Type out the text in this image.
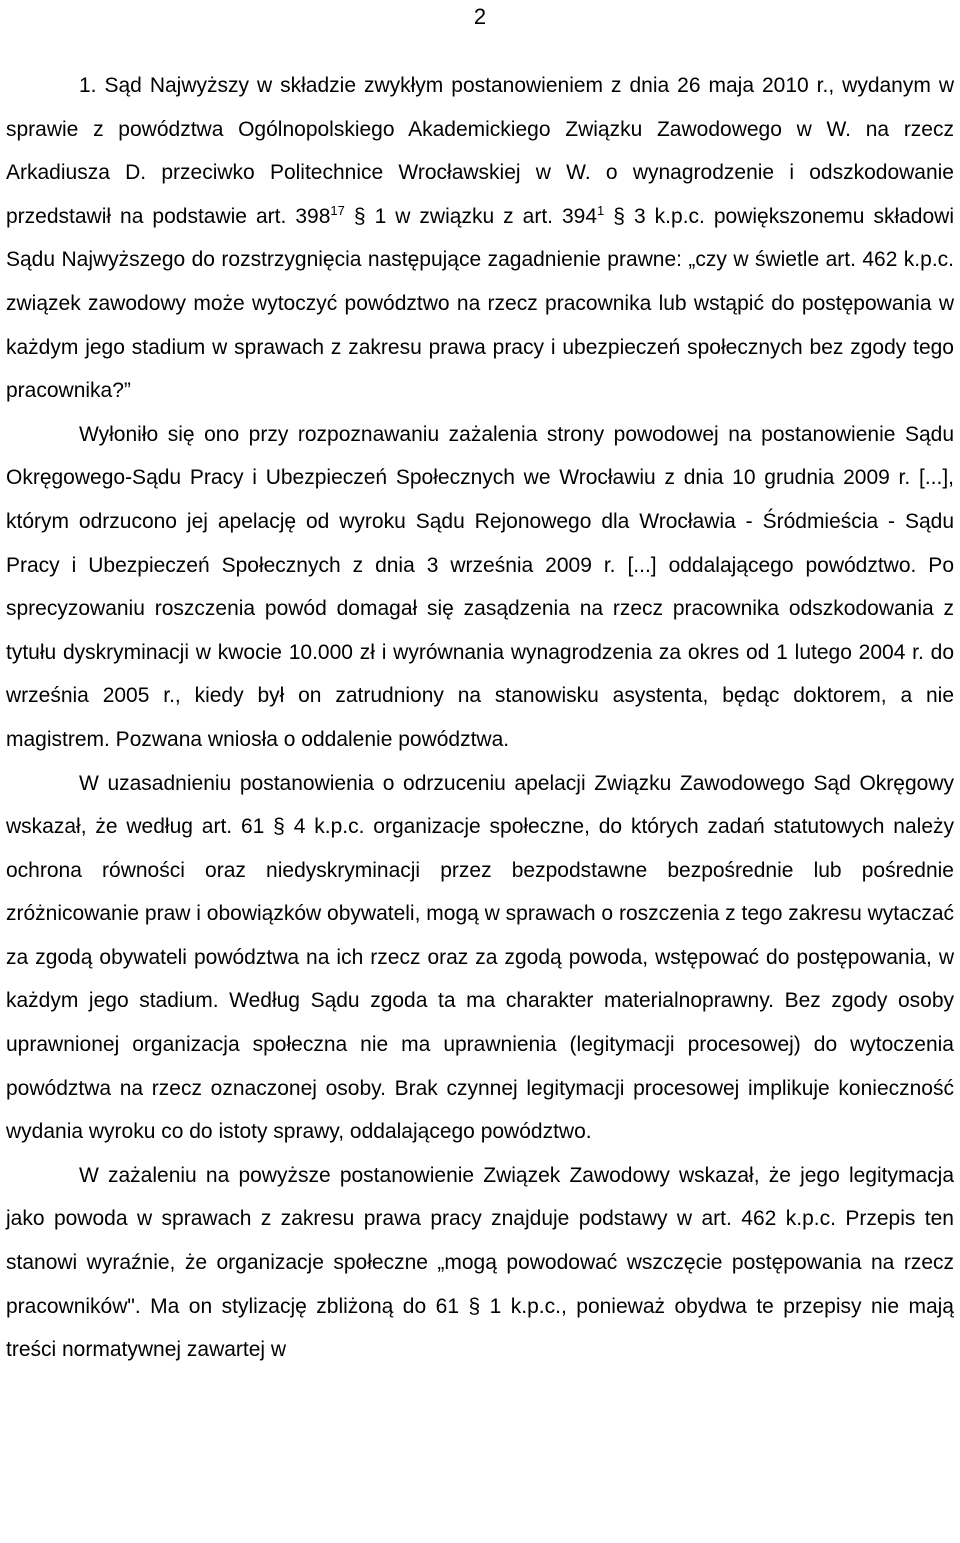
2

1. Sąd Najwyższy w składzie zwykłym postanowieniem z dnia 26 maja 2010 r., wydanym w sprawie z powództwa Ogólnopolskiego Akademickiego Związku Zawodowego w W. na rzecz Arkadiusza D. przeciwko Politechnice Wrocławskiej w W. o wynagrodzenie i odszkodowanie przedstawił na podstawie art. $398^{17}$ § 1 w związku z art. $394^1$ § 3 k.p.c. powiększonemu składowi Sądu Najwyższego do rozstrzygnięcia następujące zagadnienie prawne: „czy w świetle art. 462 k.p.c. związek zawodowy może wytoczyć powództwo na rzecz pracownika lub wstąpić do postępowania w każdym jego stadium w sprawach z zakresu prawa pracy i ubezpieczeń społecznych bez zgody tego pracownika?”

Wyłoniło się ono przy rozpoznawaniu zażalenia strony powodowej na postanowienie Sądu Okręgowego-Sądu Pracy i Ubezpieczeń Społecznych we Wrocławiu z dnia 10 grudnia 2009 r. [...], którym odrzucono jej apelację od wyroku Sądu Rejonowego dla Wrocławia - Śródmieścia - Sądu Pracy i Ubezpieczeń Społecznych z dnia 3 września 2009 r. [...] oddalającego powództwo. Po sprecyzowaniu roszczenia powód domagał się zasądzenia na rzecz pracownika odszkodowania z tytułu dyskryminacji w kwocie 10.000 zł i wyrównania wynagrodzenia za okres od 1 lutego 2004 r. do września 2005 r., kiedy był on zatrudniony na stanowisku asystenta, będąc doktorem, a nie magistrem. Pozwana wniosła o oddalenie powództwa.

W uzasadnieniu postanowienia o odrzuceniu apelacji Związku Zawodowego Sąd Okręgowy wskazał, że według art. 61 § 4 k.p.c. organizacje społeczne, do których zadań statutowych należy ochrona równości oraz niedyskryminacji przez bezpodstawne bezpośrednie lub pośrednie zróżnicowanie praw i obowiązków obywateli, mogą w sprawach o roszczenia z tego zakresu wytaczać za zgodą obywateli powództwa na ich rzecz oraz za zgodą powoda, wstępować do postępowania, w każdym jego stadium. Według Sądu zgoda ta ma charakter materialnoprawny. Bez zgody osoby uprawnionej organizacja społeczna nie ma uprawnienia (legitymacji procesowej) do wytoczenia powództwa na rzecz oznaczonej osoby. Brak czynnej legitymacji procesowej implikuje konieczność wydania wyroku co do istoty sprawy, oddalającego powództwo.

W zażaleniu na powyższe postanowienie Związek Zawodowy wskazał, że jego legitymacja jako powoda w sprawach z zakresu prawa pracy znajduje podstawy w art. 462 k.p.c. Przepis ten stanowi wyraźnie, że organizacje społeczne „mogą powodować wszczęcie postępowania na rzecz pracowników". Ma on stylizację zbliżoną do 61 § 1 k.p.c., ponieważ obydwa te przepisy nie mają treści normatywnej zawartej w
